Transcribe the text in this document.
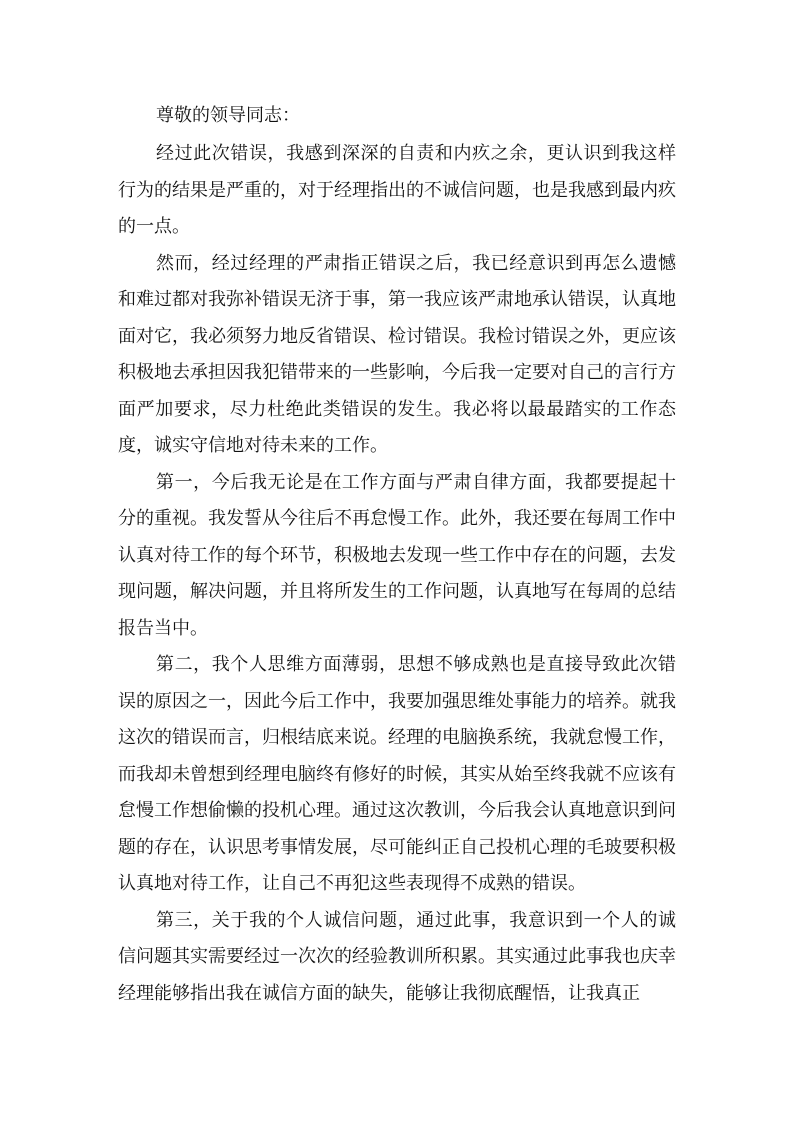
尊敬的领导同志：

经过此次错误，我感到深深的自责和内疚之余，更认识到我这样行为的结果是严重的，对于经理指出的不诚信问题，也是我感到最内疚的一点。

然而，经过经理的严肃指正错误之后，我已经意识到再怎么遗憾和难过都对我弥补错误无济于事，第一我应该严肃地承认错误，认真地面对它，我必须努力地反省错误、检讨错误。我检讨错误之外，更应该积极地去承担因我犯错带来的一些影响，今后我一定要对自己的言行方面严加要求，尽力杜绝此类错误的发生。我必将以最最踏实的工作态度，诚实守信地对待未来的工作。

第一，今后我无论是在工作方面与严肃自律方面，我都要提起十分的重视。我发誓从今往后不再怠慢工作。此外，我还要在每周工作中认真对待工作的每个环节，积极地去发现一些工作中存在的问题，去发现问题，解决问题，并且将所发生的工作问题，认真地写在每周的总结报告当中。

第二，我个人思维方面薄弱，思想不够成熟也是直接导致此次错误的原因之一，因此今后工作中，我要加强思维处事能力的培养。就我这次的错误而言，归根结底来说。经理的电脑换系统，我就怠慢工作，而我却未曾想到经理电脑终有修好的时候，其实从始至终我就不应该有怠慢工作想偷懒的投机心理。通过这次教训，今后我会认真地意识到问题的存在，认识思考事情发展，尽可能纠正自己投机心理的毛玻要积极认真地对待工作，让自己不再犯这些表现得不成熟的错误。

第三，关于我的个人诚信问题，通过此事，我意识到一个人的诚信问题其实需要经过一次次的经验教训所积累。其实通过此事我也庆幸经理能够指出我在诚信方面的缺失，能够让我彻底醒悟，让我真正
